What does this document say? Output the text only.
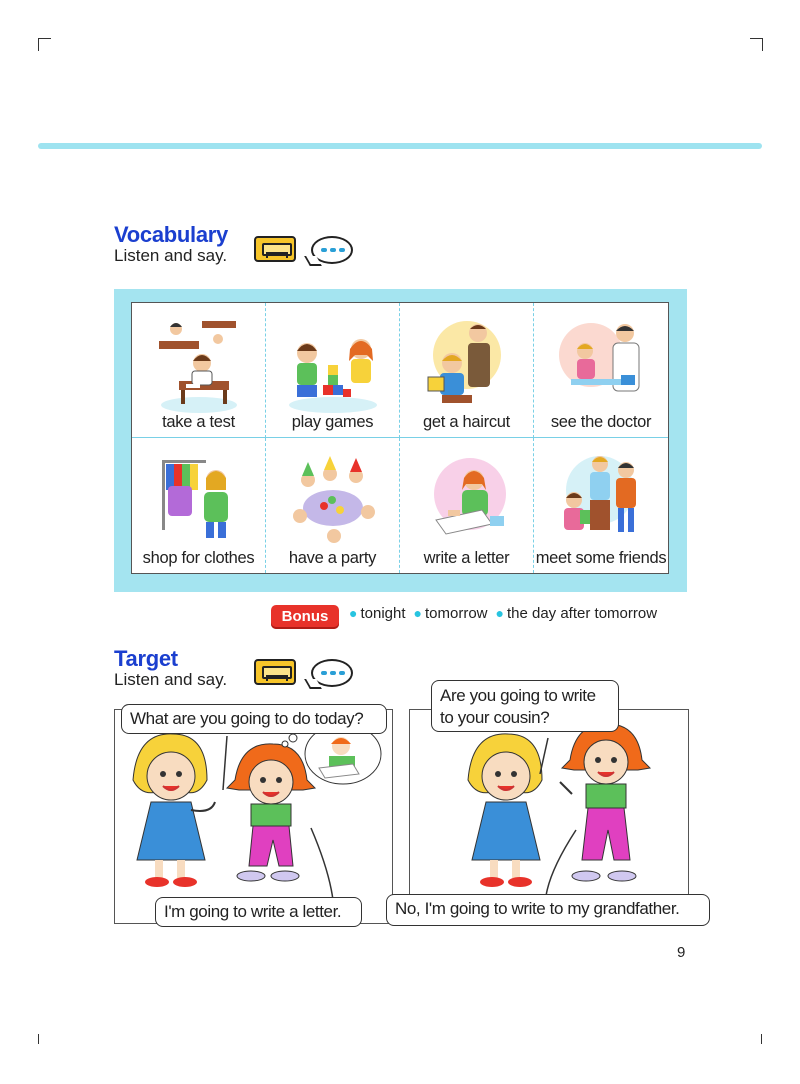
Vocabulary
Listen and say.
take a test	play games	get a haircut	see the doctor
shop for clothes	have a party	write a letter	meet some friends
Bonus	● tonight ● tomorrow ● the day after tomorrow
Target
Listen and say.
What are you going to do today?
I'm going to write a letter.
Are you going to write
to your cousin?
No, I'm going to write to my grandfather.
9
